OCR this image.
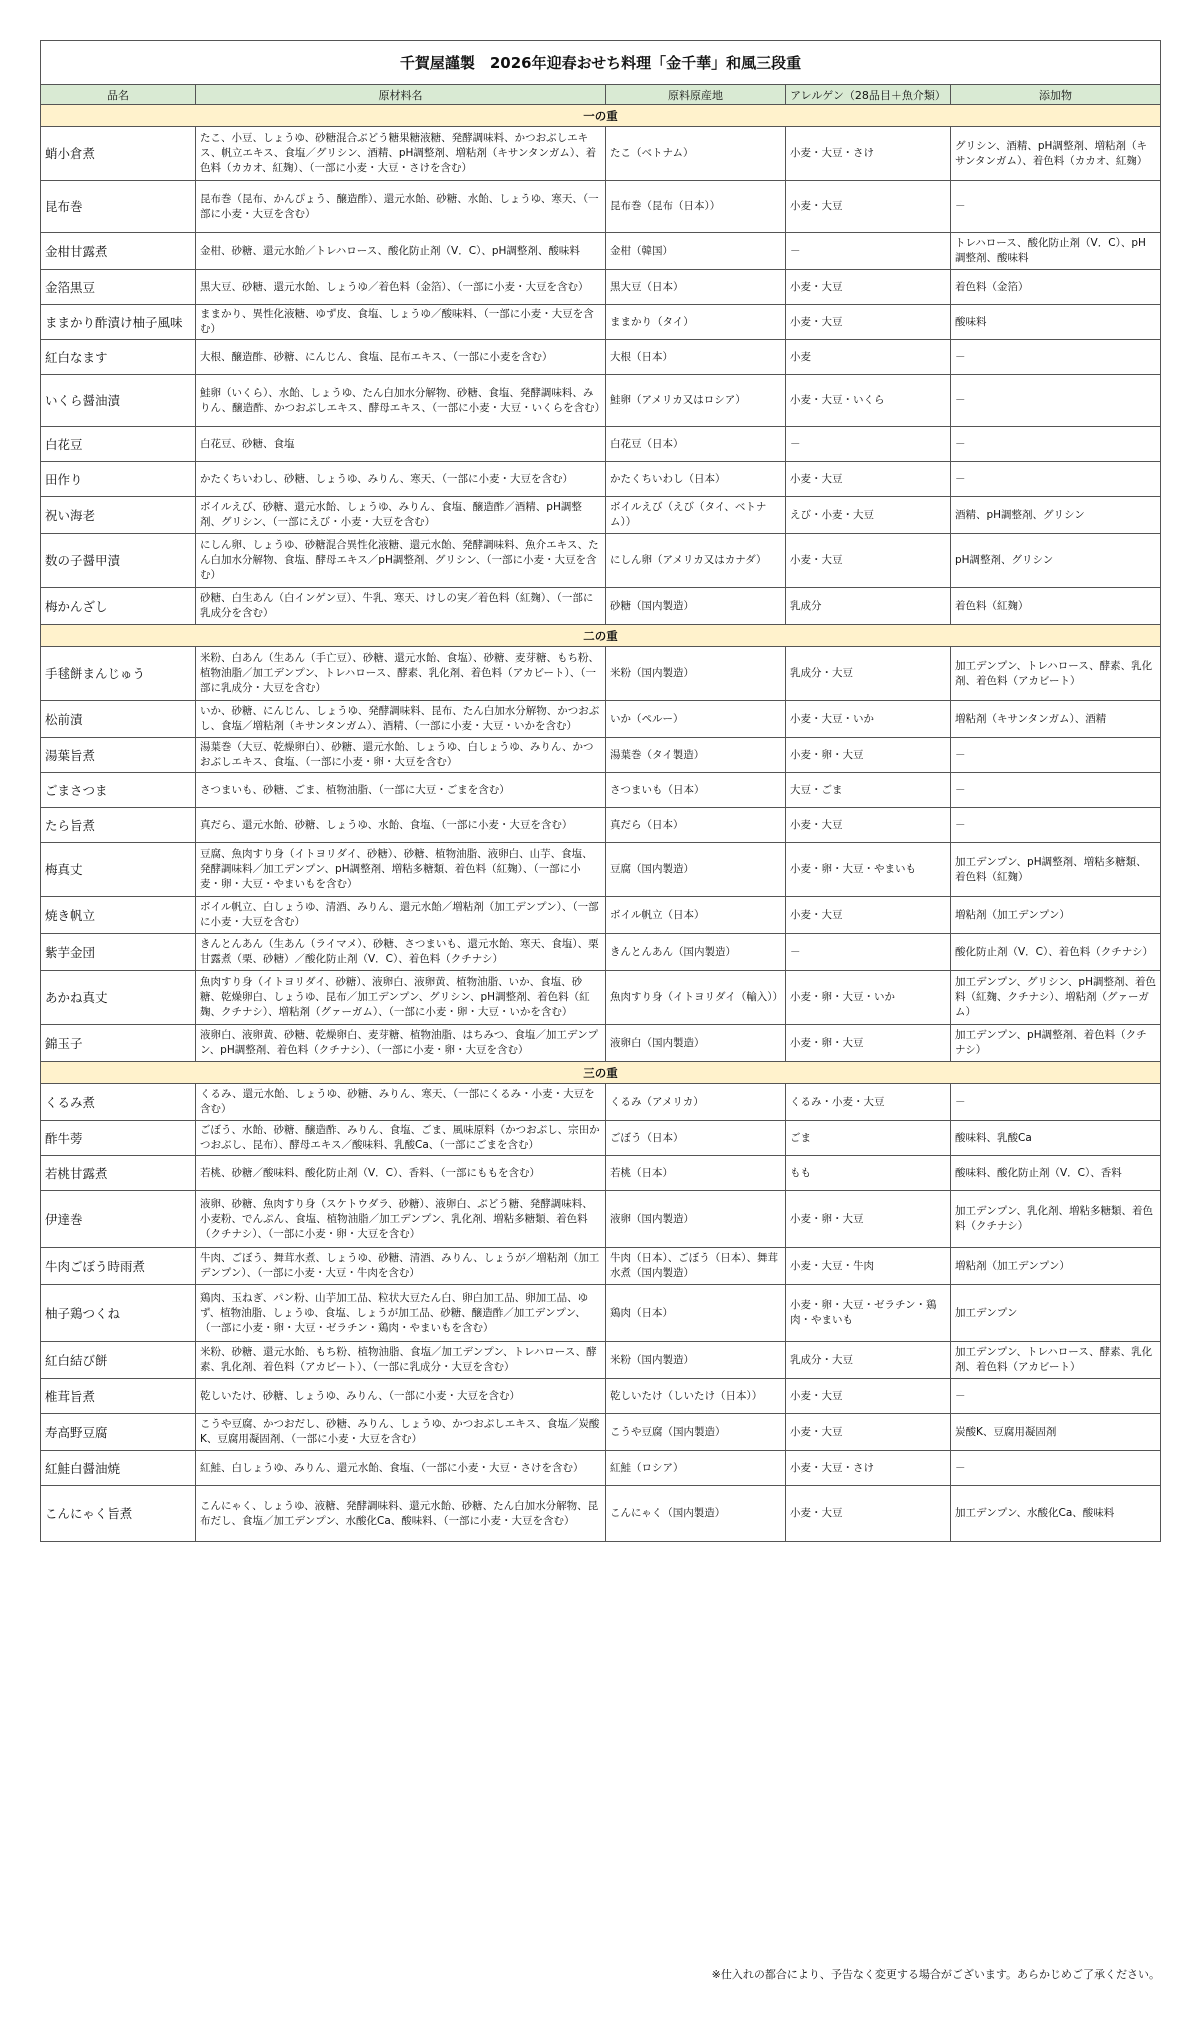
千賀屋謹製　2026年迎春おせち料理「金千華」和風三段重				
品名	原材料名	原料原産地	アレルゲン（28品目＋魚介類）	添加物
一の重				
蛸小倉煮	たこ、小豆、しょうゆ、砂糖混合ぶどう糖果糖液糖、発酵調味料、かつおぶしエキス、帆立エキス、食塩／グリシン、酒精、pH調整剤、増粘剤（キサンタンガム）、着色料（カカオ、紅麹）、（一部に小麦・大豆・さけを含む）	たこ（ベトナム）	小麦・大豆・さけ	グリシン、酒精、pH調整剤、増粘剤（キサンタンガム）、着色料（カカオ、紅麹）
昆布巻	昆布巻（昆布、かんぴょう、醸造酢）、還元水飴、砂糖、水飴、しょうゆ、寒天、（一部に小麦・大豆を含む）	昆布巻（昆布（日本））	小麦・大豆	－
金柑甘露煮	金柑、砂糖、還元水飴／トレハロース、酸化防止剤（V．C）、pH調整剤、酸味料	金柑（韓国）	－	トレハロース、酸化防止剤（V．C）、pH調整剤、酸味料
金箔黒豆	黒大豆、砂糖、還元水飴、しょうゆ／着色料（金箔）、（一部に小麦・大豆を含む）	黒大豆（日本）	小麦・大豆	着色料（金箔）
ままかり酢漬け柚子風味	ままかり、異性化液糖、ゆず皮、食塩、しょうゆ／酸味料、（一部に小麦・大豆を含む）	ままかり（タイ）	小麦・大豆	酸味料
紅白なます	大根、醸造酢、砂糖、にんじん、食塩、昆布エキス、（一部に小麦を含む）	大根（日本）	小麦	－
いくら醤油漬	鮭卵（いくら）、水飴、しょうゆ、たん白加水分解物、砂糖、食塩、発酵調味料、みりん、醸造酢、かつおぶしエキス、酵母エキス、（一部に小麦・大豆・いくらを含む）	鮭卵（アメリカ又はロシア）	小麦・大豆・いくら	－
白花豆	白花豆、砂糖、食塩	白花豆（日本）	－	－
田作り	かたくちいわし、砂糖、しょうゆ、みりん、寒天、（一部に小麦・大豆を含む）	かたくちいわし（日本）	小麦・大豆	－
祝い海老	ボイルえび、砂糖、還元水飴、しょうゆ、みりん、食塩、醸造酢／酒精、pH調整剤、グリシン、（一部にえび・小麦・大豆を含む）	ボイルえび（えび（タイ、ベトナム））	えび・小麦・大豆	酒精、pH調整剤、グリシン
数の子醤甲漬	にしん卵、しょうゆ、砂糖混合異性化液糖、還元水飴、発酵調味料、魚介エキス、たん白加水分解物、食塩、酵母エキス／pH調整剤、グリシン、（一部に小麦・大豆を含む）	にしん卵（アメリカ又はカナダ）	小麦・大豆	pH調整剤、グリシン
梅かんざし	砂糖、白生あん（白インゲン豆）、牛乳、寒天、けしの実／着色料（紅麹）、（一部に乳成分を含む）	砂糖（国内製造）	乳成分	着色料（紅麹）
二の重				
手毬餅まんじゅう	米粉、白あん（生あん（手亡豆）、砂糖、還元水飴、食塩）、砂糖、麦芽糖、もち粉、植物油脂／加工デンプン、トレハロース、酵素、乳化剤、着色料（アカビート）、（一部に乳成分・大豆を含む）	米粉（国内製造）	乳成分・大豆	加工デンプン、トレハロース、酵素、乳化剤、着色料（アカビート）
松前漬	いか、砂糖、にんじん、しょうゆ、発酵調味料、昆布、たん白加水分解物、かつおぶし、食塩／増粘剤（キサンタンガム）、酒精、（一部に小麦・大豆・いかを含む）	いか（ペルー）	小麦・大豆・いか	増粘剤（キサンタンガム）、酒精
湯葉旨煮	湯葉巻（大豆、乾燥卵白）、砂糖、還元水飴、しょうゆ、白しょうゆ、みりん、かつおぶしエキス、食塩、（一部に小麦・卵・大豆を含む）	湯葉巻（タイ製造）	小麦・卵・大豆	－
ごまさつま	さつまいも、砂糖、ごま、植物油脂、（一部に大豆・ごまを含む）	さつまいも（日本）	大豆・ごま	－
たら旨煮	真だら、還元水飴、砂糖、しょうゆ、水飴、食塩、（一部に小麦・大豆を含む）	真だら（日本）	小麦・大豆	－
梅真丈	豆腐、魚肉すり身（イトヨリダイ、砂糖）、砂糖、植物油脂、液卵白、山芋、食塩、発酵調味料／加工デンプン、pH調整剤、増粘多糖類、着色料（紅麹）、（一部に小麦・卵・大豆・やまいもを含む）	豆腐（国内製造）	小麦・卵・大豆・やまいも	加工デンプン、pH調整剤、増粘多糖類、着色料（紅麹）
焼き帆立	ボイル帆立、白しょうゆ、清酒、みりん、還元水飴／増粘剤（加工デンプン）、（一部に小麦・大豆を含む）	ボイル帆立（日本）	小麦・大豆	増粘剤（加工デンプン）
紫芋金団	きんとんあん（生あん（ライマメ）、砂糖、さつまいも、還元水飴、寒天、食塩）、栗甘露煮（栗、砂糖）／酸化防止剤（V．C）、着色料（クチナシ）	きんとんあん（国内製造）	－	酸化防止剤（V．C）、着色料（クチナシ）
あかね真丈	魚肉すり身（イトヨリダイ、砂糖）、液卵白、液卵黄、植物油脂、いか、食塩、砂糖、乾燥卵白、しょうゆ、昆布／加工デンプン、グリシン、pH調整剤、着色料（紅麹、クチナシ）、増粘剤（グァーガム）、（一部に小麦・卵・大豆・いかを含む）	魚肉すり身（イトヨリダイ（輸入））	小麦・卵・大豆・いか	加工デンプン、グリシン、pH調整剤、着色料（紅麹、クチナシ）、増粘剤（グァーガム）
錦玉子	液卵白、液卵黄、砂糖、乾燥卵白、麦芽糖、植物油脂、はちみつ、食塩／加工デンプン、pH調整剤、着色料（クチナシ）、（一部に小麦・卵・大豆を含む）	液卵白（国内製造）	小麦・卵・大豆	加工デンプン、pH調整剤、着色料（クチナシ）
三の重				
くるみ煮	くるみ、還元水飴、しょうゆ、砂糖、みりん、寒天、（一部にくるみ・小麦・大豆を含む）	くるみ（アメリカ）	くるみ・小麦・大豆	－
酢牛蒡	ごぼう、水飴、砂糖、醸造酢、みりん、食塩、ごま、風味原料（かつおぶし、宗田かつおぶし、昆布）、酵母エキス／酸味料、乳酸Ca、（一部にごまを含む）	ごぼう（日本）	ごま	酸味料、乳酸Ca
若桃甘露煮	若桃、砂糖／酸味料、酸化防止剤（V．C）、香料、（一部にももを含む）	若桃（日本）	もも	酸味料、酸化防止剤（V．C）、香料
伊達巻	液卵、砂糖、魚肉すり身（スケトウダラ、砂糖）、液卵白、ぶどう糖、発酵調味料、小麦粉、でんぷん、食塩、植物油脂／加工デンプン、乳化剤、増粘多糖類、着色料（クチナシ）、（一部に小麦・卵・大豆を含む）	液卵（国内製造）	小麦・卵・大豆	加工デンプン、乳化剤、増粘多糖類、着色料（クチナシ）
牛肉ごぼう時雨煮	牛肉、ごぼう、舞茸水煮、しょうゆ、砂糖、清酒、みりん、しょうが／増粘剤（加工デンプン）、（一部に小麦・大豆・牛肉を含む）	牛肉（日本）、ごぼう（日本）、舞茸水煮（国内製造）	小麦・大豆・牛肉	増粘剤（加工デンプン）
柚子鶏つくね	鶏肉、玉ねぎ、パン粉、山芋加工品、粒状大豆たん白、卵白加工品、卵加工品、ゆず、植物油脂、しょうゆ、食塩、しょうが加工品、砂糖、醸造酢／加工デンプン、（一部に小麦・卵・大豆・ゼラチン・鶏肉・やまいもを含む）	鶏肉（日本）	小麦・卵・大豆・ゼラチン・鶏肉・やまいも	加工デンプン
紅白結び餅	米粉、砂糖、還元水飴、もち粉、植物油脂、食塩／加工デンプン、トレハロース、酵素、乳化剤、着色料（アカビート）、（一部に乳成分・大豆を含む）	米粉（国内製造）	乳成分・大豆	加工デンプン、トレハロース、酵素、乳化剤、着色料（アカビート）
椎茸旨煮	乾しいたけ、砂糖、しょうゆ、みりん、（一部に小麦・大豆を含む）	乾しいたけ（しいたけ（日本））	小麦・大豆	－
寿高野豆腐	こうや豆腐、かつおだし、砂糖、みりん、しょうゆ、かつおぶしエキス、食塩／炭酸K、豆腐用凝固剤、（一部に小麦・大豆を含む）	こうや豆腐（国内製造）	小麦・大豆	炭酸K、豆腐用凝固剤
紅鮭白醤油焼	紅鮭、白しょうゆ、みりん、還元水飴、食塩、（一部に小麦・大豆・さけを含む）	紅鮭（ロシア）	小麦・大豆・さけ	－
こんにゃく旨煮	こんにゃく、しょうゆ、液糖、発酵調味料、還元水飴、砂糖、たん白加水分解物、昆布だし、食塩／加工デンプン、水酸化Ca、酸味料、（一部に小麦・大豆を含む）	こんにゃく（国内製造）	小麦・大豆	加工デンプン、水酸化Ca、酸味料
※仕入れの都合により、予告なく変更する場合がございます。あらかじめご了承ください。
